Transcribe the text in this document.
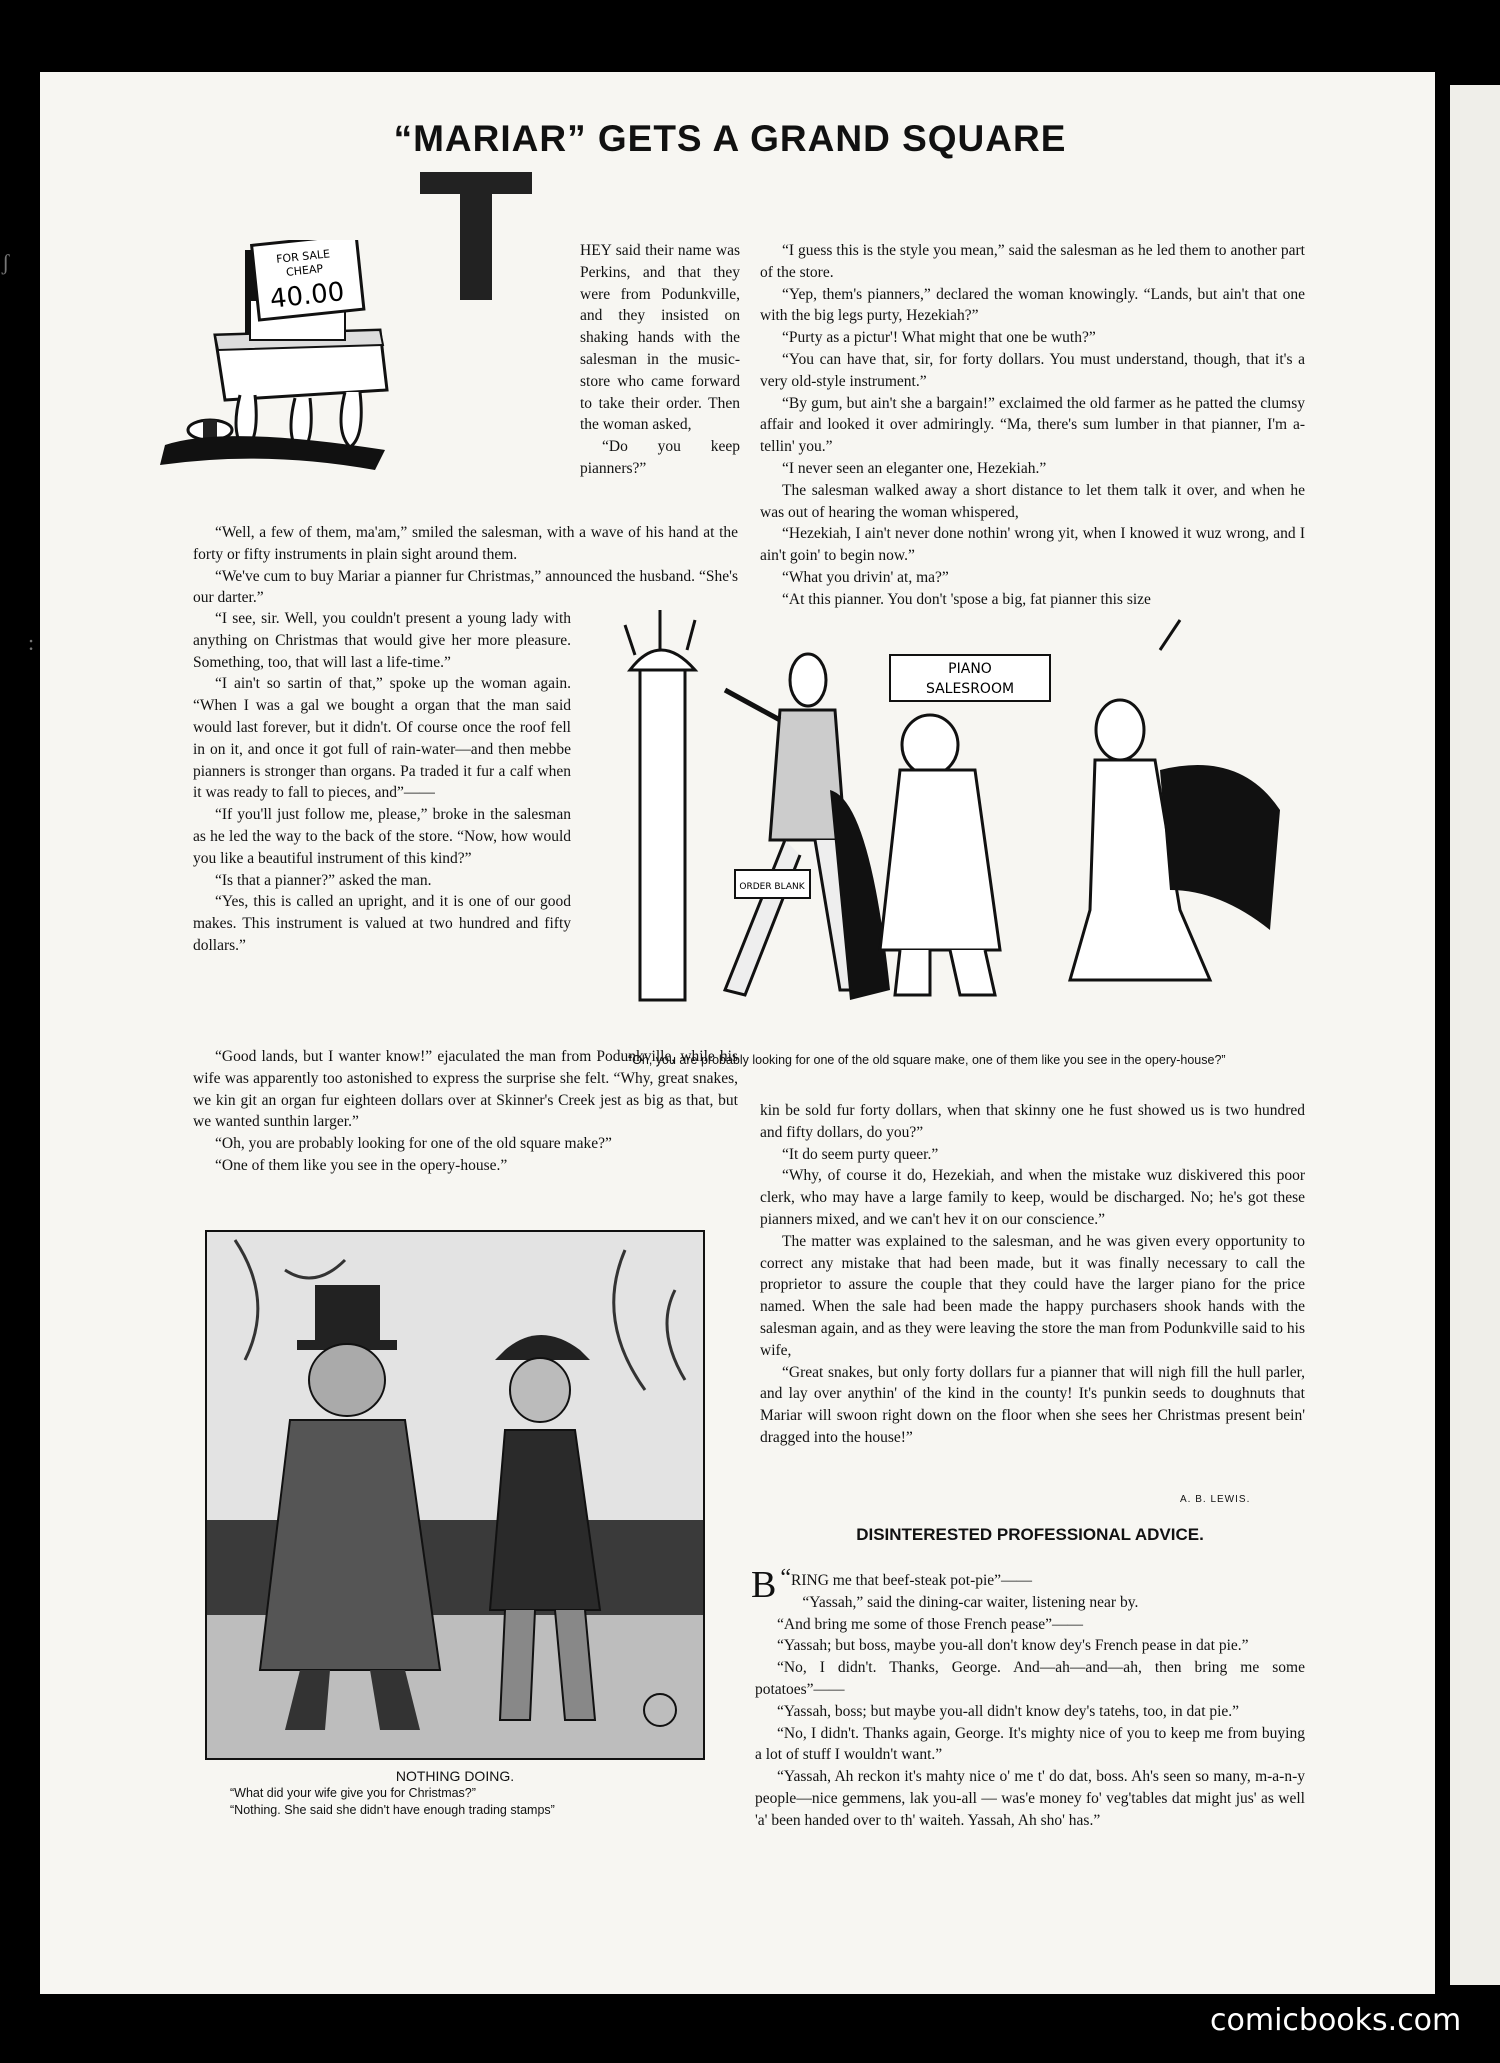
ʃ
:
“MARIAR” GETS A GRAND SQUARE
FOR SALE
CHEAP
40.00

HEY said their name was Perkins, and that they were from Podunkville, and they insisted on shaking hands with the salesman in the music-store who came forward to take their order. Then the woman asked,

“Do you keep pianners?”

“Well, a few of them, ma'am,” smiled the salesman, with a wave of his hand at the forty or fifty instruments in plain sight around them.

“We've cum to buy Mariar a pianner fur Christmas,” announced the husband. “She's our darter.”

“I see, sir. Well, you couldn't present a young lady with anything on Christmas that would give her more pleasure. Something, too, that will last a life-time.”

“I ain't so sartin of that,” spoke up the woman again. “When I was a gal we bought a organ that the man said would last forever, but it didn't. Of course once the roof fell in on it, and once it got full of rain-water—and then mebbe pianners is stronger than organs. Pa traded it fur a calf when it was ready to fall to pieces, and”——

“If you'll just follow me, please,” broke in the salesman as he led the way to the back of the store. “Now, how would you like a beautiful instrument of this kind?”

“Is that a pianner?” asked the man.

“Yes, this is called an upright, and it is one of our good makes. This instrument is valued at two hundred and fifty dollars.”

“Good lands, but I wanter know!” ejaculated the man from Podunkville, while his wife was apparently too astonished to express the surprise she felt. “Why, great snakes, we kin git an organ fur eighteen dollars over at Skinner's Creek jest as big as that, but we wanted sunthin larger.”

“Oh, you are probably looking for one of the old square make?”

“One of them like you see in the opery-house.”

“I guess this is the style you mean,” said the salesman as he led them to another part of the store.

“Yep, them's pianners,” declared the woman knowingly. “Lands, but ain't that one with the big legs purty, Hezekiah?”

“Purty as a pictur'! What might that one be wuth?”

“You can have that, sir, for forty dollars. You must understand, though, that it's a very old-style instrument.”

“By gum, but ain't she a bargain!” exclaimed the old farmer as he patted the clumsy affair and looked it over admiringly. “Ma, there's sum lumber in that pianner, I'm a-tellin' you.”

“I never seen an eleganter one, Hezekiah.”

The salesman walked away a short distance to let them talk it over, and when he was out of hearing the woman whispered,

“Hezekiah, I ain't never done nothin' wrong yit, when I knowed it wuz wrong, and I ain't goin' to begin now.”

“What you drivin' at, ma?”

“At this pianner. You don't 'spose a big, fat pianner this size

PIANO
SALESROOM
ORDER BLANK
“Oh, you are probably looking for one of the old square make, one of them like you see in the opery-house?”

kin be sold fur forty dollars, when that skinny one he fust showed us is two hundred and fifty dollars, do you?”

“It do seem purty queer.”

“Why, of course it do, Hezekiah, and when the mistake wuz diskivered this poor clerk, who may have a large family to keep, would be discharged. No; he's got these pianners mixed, and we can't hev it on our conscience.”

The matter was explained to the salesman, and he was given every opportunity to correct any mistake that had been made, but it was finally necessary to call the proprietor to assure the couple that they could have the larger piano for the price named. When the sale had been made the happy purchasers shook hands with the salesman again, and as they were leaving the store the man from Podunkville said to his wife,

“Great snakes, but only forty dollars fur a pianner that will nigh fill the hull parler, and lay over anythin' of the kind in the county! It's punkin seeds to doughnuts that Mariar will swoon right down on the floor when she sees her Christmas present bein' dragged into the house!”

A. B. LEWIS.
NOTHING DOING.
“What did your wife give you for Christmas?”
“Nothing. She said she didn't have enough trading stamps”
DISINTERESTED PROFESSIONAL ADVICE.

“
B RING me that beef-steak pot-pie”——

“Yassah,” said the dining-car waiter, listening near by.

“And bring me some of those French pease”——

“Yassah; but boss, maybe you-all don't know dey's French pease in dat pie.”

“No, I didn't. Thanks, George. And—ah—and—ah, then bring me some potatoes”——

“Yassah, boss; but maybe you-all didn't know dey's tatehs, too, in dat pie.”

“No, I didn't. Thanks again, George. It's mighty nice of you to keep me from buying a lot of stuff I wouldn't want.”

“Yassah, Ah reckon it's mahty nice o' me t' do dat, boss. Ah's seen so many, m-a-n-y people—nice gemmens, lak you-all — was'e money fo' veg'tables dat might jus' as well 'a' been handed over to th' waiteh. Yassah, Ah sho' has.”

comicbooks.com
